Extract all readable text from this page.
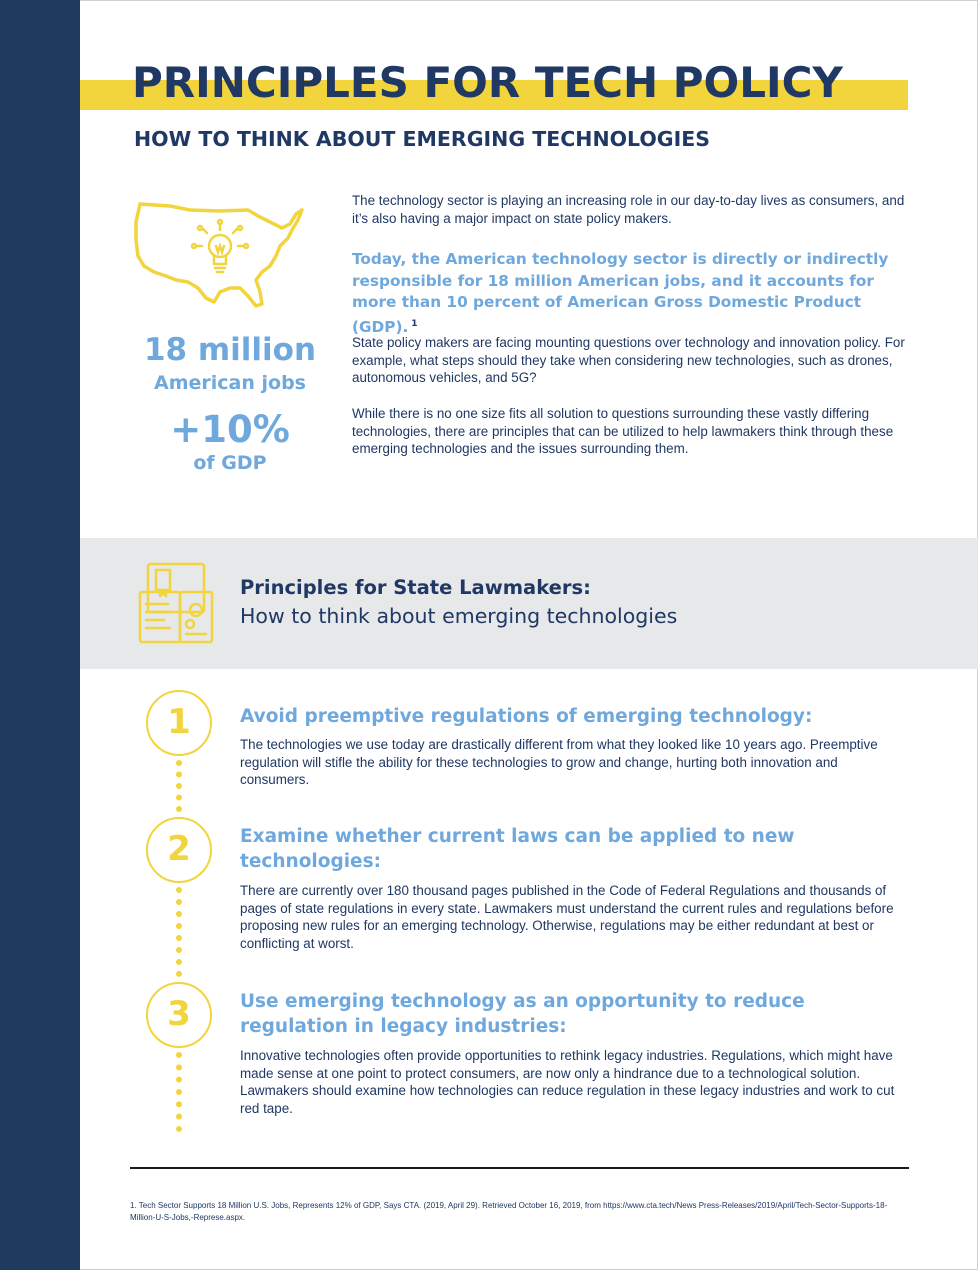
PRINCIPLES FOR TECH POLICY
HOW TO THINK ABOUT EMERGING TECHNOLOGIES
18 million
American jobs
+10%
of GDP
The technology sector is playing an increasing role in our day-to-day lives as consumers, and it’s also having a major impact on state policy makers.
Today, the American technology sector is directly or indirectly responsible for 18 million American jobs, and it accounts for more than 10 percent of American Gross Domestic Product (GDP). $^1$
State policy makers are facing mounting questions over technology and innovation policy. For example, what steps should they take when considering new technologies, such as drones, autonomous vehicles, and 5G?
While there is no one size fits all solution to questions surrounding these vastly differing technologies, there are principles that can be utilized to help lawmakers think through these emerging technologies and the issues surrounding them.
Principles for State Lawmakers:
How to think about emerging technologies
1	Avoid preemptive regulations of emerging technology:
The technologies we use today are drastically different from what they looked like 10 years ago. Preemptive regulation will stifle the ability for these technologies to grow and change, hurting both innovation and consumers.
2	Examine whether current laws can be applied to new technologies:
There are currently over 180 thousand pages published in the Code of Federal Regulations and thousands of pages of state regulations in every state. Lawmakers must understand the current rules and regulations before proposing new rules for an emerging technology. Otherwise, regulations may be either redundant at best or conflicting at worst.
3	Use emerging technology as an opportunity to reduce regulation in legacy industries:
Innovative technologies often provide opportunities to rethink legacy industries. Regulations, which might have made sense at one point to protect consumers, are now only a hindrance due to a technological solution. Lawmakers should examine how technologies can reduce regulation in these legacy industries and work to cut red tape.
1. Tech Sector Supports 18 Million U.S. Jobs, Represents 12% of GDP, Says CTA. (2019, April 29). Retrieved October 16, 2019, from https://www.cta.tech/News Press-Releases/2019/April/Tech-Sector-Supports-18-Million-U-S-Jobs,-Represe.aspx.
